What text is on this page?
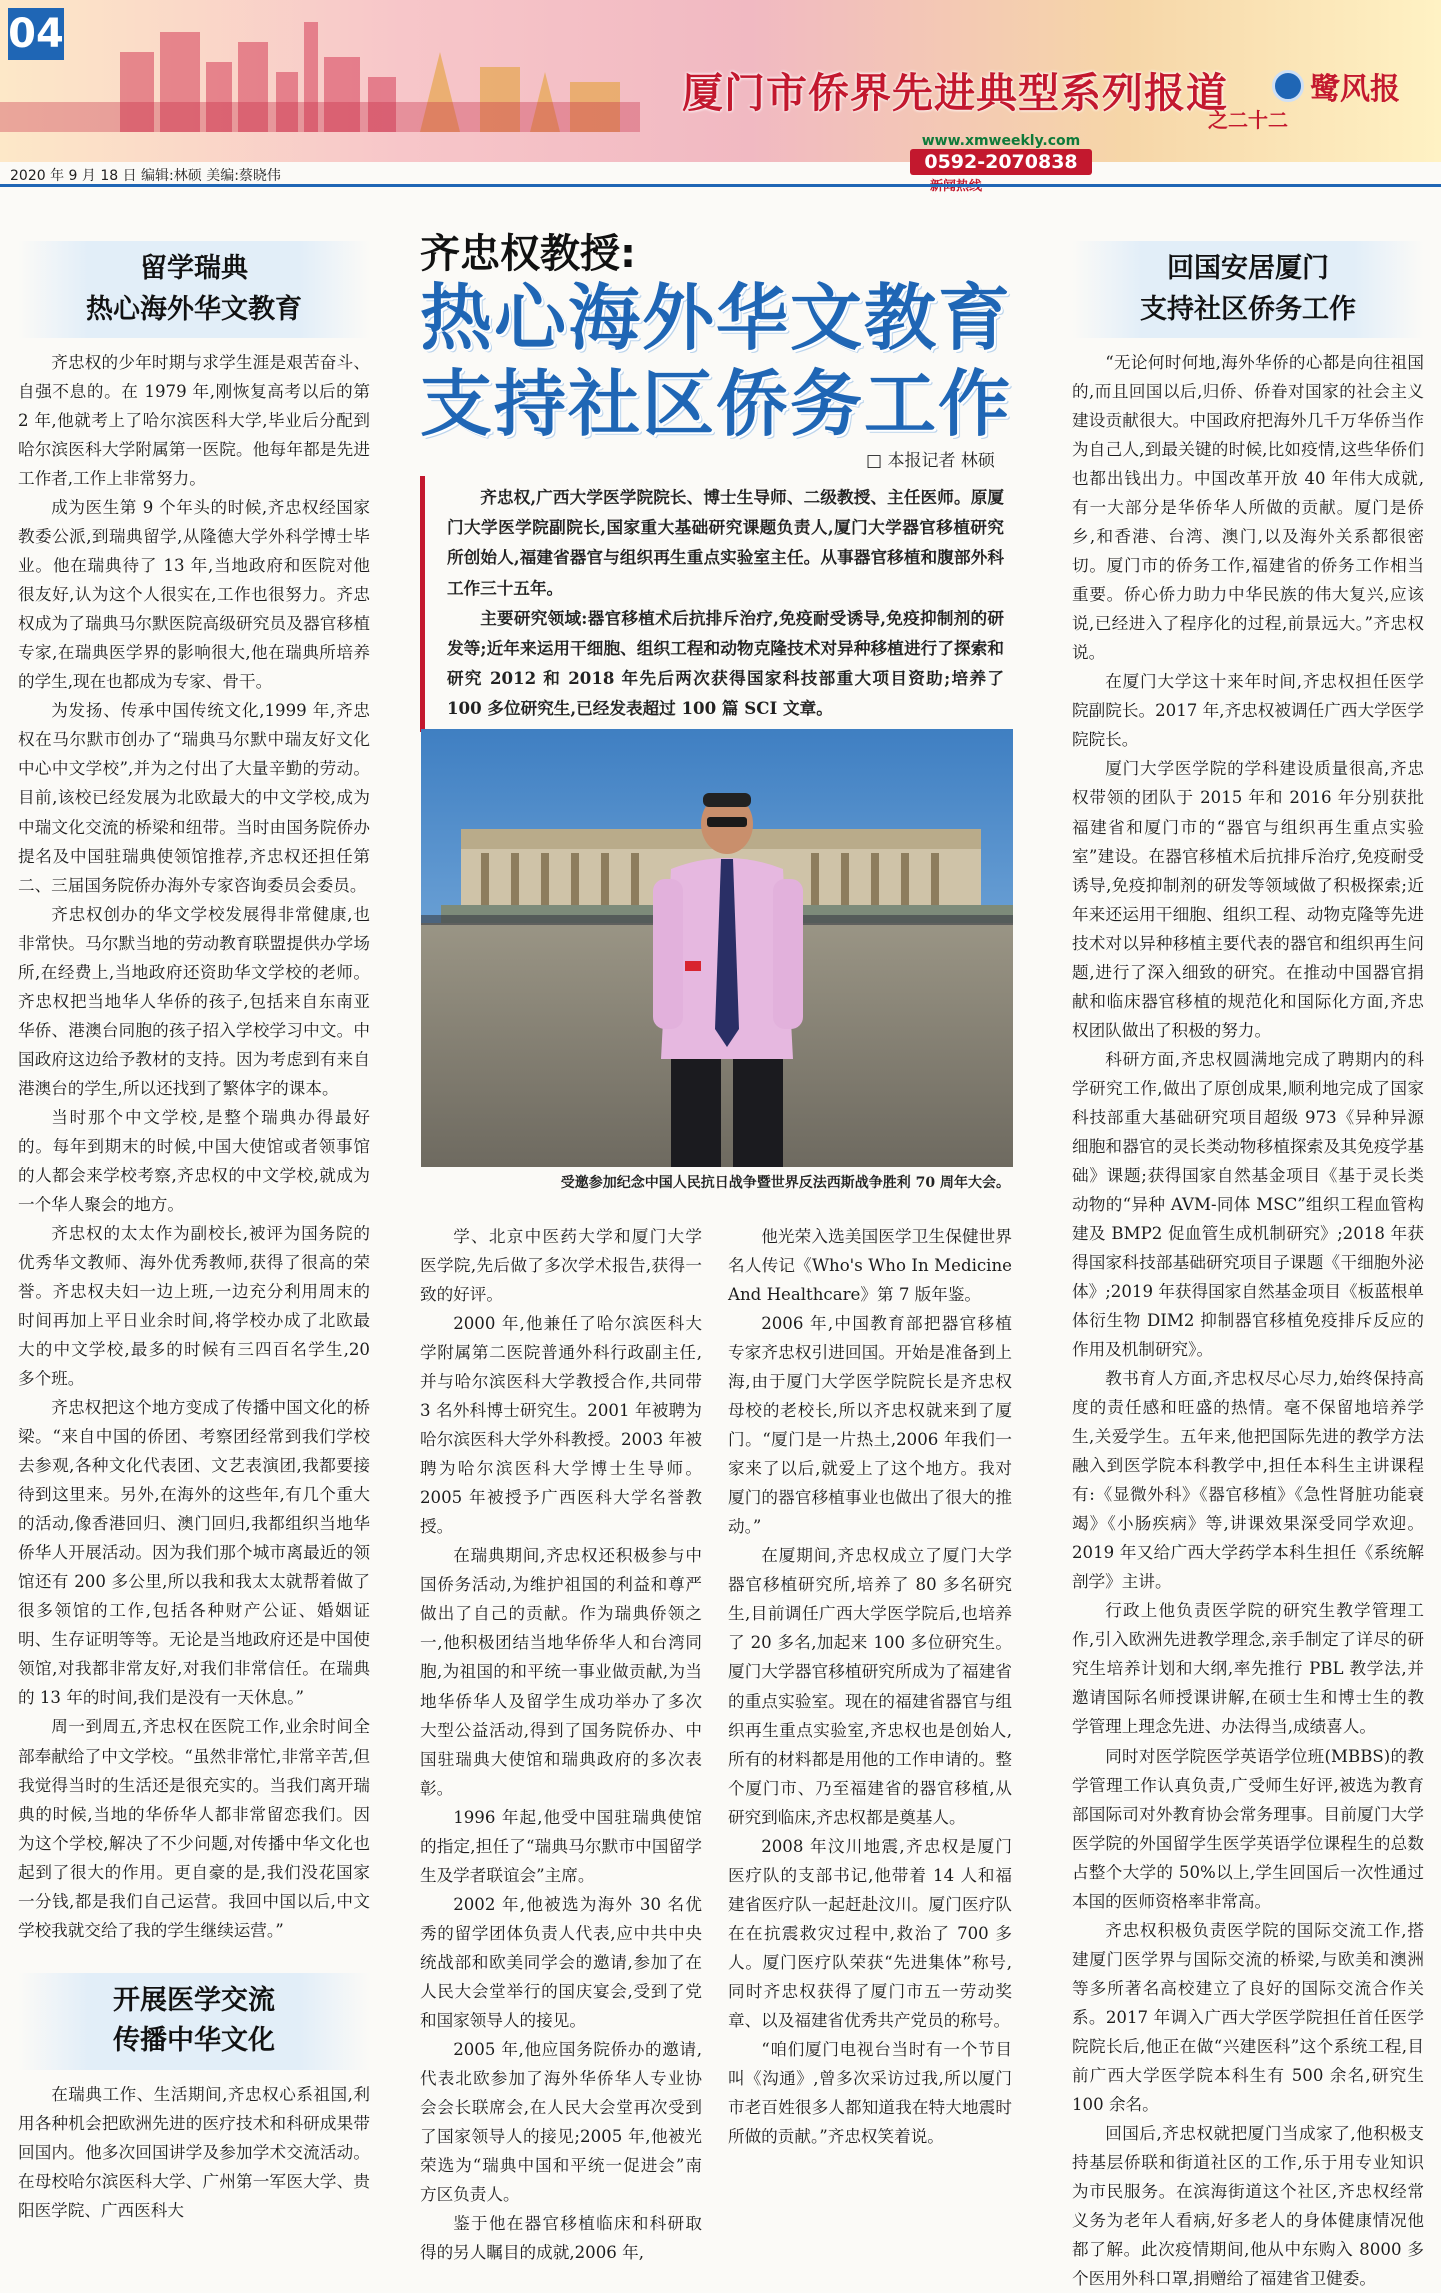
04
厦门市侨界先进典型系列报道
之二十二
鹭风报
www.xmweekly.com
0592-2070838
2020 年 9 月 18 日 编辑:林硕 美编:蔡晓伟
留学瑞典
热心海外华文教育

齐忠权的少年时期与求学生涯是艰苦奋斗、自强不息的。在 1979 年,刚恢复高考以后的第 2 年,他就考上了哈尔滨医科大学,毕业后分配到哈尔滨医科大学附属第一医院。他每年都是先进工作者,工作上非常努力。

成为医生第 9 个年头的时候,齐忠权经国家教委公派,到瑞典留学,从隆德大学外科学博士毕业。他在瑞典待了 13 年,当地政府和医院对他很友好,认为这个人很实在,工作也很努力。齐忠权成为了瑞典马尔默医院高级研究员及器官移植专家,在瑞典医学界的影响很大,他在瑞典所培养的学生,现在也都成为专家、骨干。

为发扬、传承中国传统文化,1999 年,齐忠权在马尔默市创办了“瑞典马尔默中瑞友好文化中心中文学校”,并为之付出了大量辛勤的劳动。目前,该校已经发展为北欧最大的中文学校,成为中瑞文化交流的桥梁和纽带。当时由国务院侨办提名及中国驻瑞典使领馆推荐,齐忠权还担任第二、三届国务院侨办海外专家咨询委员会委员。

齐忠权创办的华文学校发展得非常健康,也非常快。马尔默当地的劳动教育联盟提供办学场所,在经费上,当地政府还资助华文学校的老师。齐忠权把当地华人华侨的孩子,包括来自东南亚华侨、港澳台同胞的孩子招入学校学习中文。中国政府这边给予教材的支持。因为考虑到有来自港澳台的学生,所以还找到了繁体字的课本。

当时那个中文学校,是整个瑞典办得最好的。每年到期末的时候,中国大使馆或者领事馆的人都会来学校考察,齐忠权的中文学校,就成为一个华人聚会的地方。

齐忠权的太太作为副校长,被评为国务院的优秀华文教师、海外优秀教师,获得了很高的荣誉。齐忠权夫妇一边上班,一边充分利用周末的时间再加上平日业余时间,将学校办成了北欧最大的中文学校,最多的时候有三四百名学生,20 多个班。

齐忠权把这个地方变成了传播中国文化的桥梁。“来自中国的侨团、考察团经常到我们学校去参观,各种文化代表团、文艺表演团,我都要接待到这里来。另外,在海外的这些年,有几个重大的活动,像香港回归、澳门回归,我都组织当地华侨华人开展活动。因为我们那个城市离最近的领馆还有 200 多公里,所以我和我太太就帮着做了很多领馆的工作,包括各种财产公证、婚姻证明、生存证明等等。无论是当地政府还是中国使领馆,对我都非常友好,对我们非常信任。在瑞典的 13 年的时间,我们是没有一天休息。”

周一到周五,齐忠权在医院工作,业余时间全部奉献给了中文学校。“虽然非常忙,非常辛苦,但我觉得当时的生活还是很充实的。当我们离开瑞典的时候,当地的华侨华人都非常留恋我们。因为这个学校,解决了不少问题,对传播中华文化也起到了很大的作用。更自豪的是,我们没花国家一分钱,都是我们自己运营。我回中国以后,中文学校我就交给了我的学生继续运营。”

开展医学交流
传播中华文化

在瑞典工作、生活期间,齐忠权心系祖国,利用各种机会把欧洲先进的医疗技术和科研成果带回国内。他多次回国讲学及参加学术交流活动。在母校哈尔滨医科大学、广州第一军医大学、贵阳医学院、广西医科大

齐忠权教授:
热心海外华文教育
支持社区侨务工作
□ 本报记者 林硕

齐忠权,广西大学医学院院长、博士生导师、二级教授、主任医师。原厦门大学医学院副院长,国家重大基础研究课题负责人,厦门大学器官移植研究所创始人,福建省器官与组织再生重点实验室主任。从事器官移植和腹部外科工作三十五年。

主要研究领域:器官移植术后抗排斥治疗,免疫耐受诱导,免疫抑制剂的研发等;近年来运用干细胞、组织工程和动物克隆技术对异种移植进行了探索和研究 2012 和 2018 年先后两次获得国家科技部重大项目资助;培养了 100 多位研究生,已经发表超过 100 篇 SCI 文章。

受邀参加纪念中国人民抗日战争暨世界反法西斯战争胜利 70 周年大会。

学、北京中医药大学和厦门大学医学院,先后做了多次学术报告,获得一致的好评。

2000 年,他兼任了哈尔滨医科大学附属第二医院普通外科行政副主任,并与哈尔滨医科大学教授合作,共同带 3 名外科博士研究生。2001 年被聘为哈尔滨医科大学外科教授。2003 年被聘为哈尔滨医科大学博士生导师。2005 年被授予广西医科大学名誉教授。

在瑞典期间,齐忠权还积极参与中国侨务活动,为维护祖国的利益和尊严做出了自己的贡献。作为瑞典侨领之一,他积极团结当地华侨华人和台湾同胞,为祖国的和平统一事业做贡献,为当地华侨华人及留学生成功举办了多次大型公益活动,得到了国务院侨办、中国驻瑞典大使馆和瑞典政府的多次表彰。

1996 年起,他受中国驻瑞典使馆的指定,担任了“瑞典马尔默市中国留学生及学者联谊会”主席。

2002 年,他被选为海外 30 名优秀的留学团体负责人代表,应中共中央统战部和欧美同学会的邀请,参加了在人民大会堂举行的国庆宴会,受到了党和国家领导人的接见。

2005 年,他应国务院侨办的邀请,代表北欧参加了海外华侨华人专业协会会长联席会,在人民大会堂再次受到了国家领导人的接见;2005 年,他被光荣选为“瑞典中国和平统一促进会”南方区负责人。

鉴于他在器官移植临床和科研取得的另人瞩目的成就,2006 年,

他光荣入选美国医学卫生保健世界名人传记《Who's Who In Medicine And Healthcare》第 7 版年鉴。

2006 年,中国教育部把器官移植专家齐忠权引进回国。开始是准备到上海,由于厦门大学医学院院长是齐忠权母校的老校长,所以齐忠权就来到了厦门。“厦门是一片热土,2006 年我们一家来了以后,就爱上了这个地方。我对厦门的器官移植事业也做出了很大的推动。”

在厦期间,齐忠权成立了厦门大学器官移植研究所,培养了 80 多名研究生,目前调任广西大学医学院后,也培养了 20 多名,加起来 100 多位研究生。厦门大学器官移植研究所成为了福建省的重点实验室。现在的福建省器官与组织再生重点实验室,齐忠权也是创始人,所有的材料都是用他的工作申请的。整个厦门市、乃至福建省的器官移植,从研究到临床,齐忠权都是奠基人。

2008 年汶川地震,齐忠权是厦门医疗队的支部书记,他带着 14 人和福建省医疗队一起赶赴汶川。厦门医疗队在在抗震救灾过程中,救治了 700 多人。厦门医疗队荣获“先进集体”称号,同时齐忠权获得了厦门市五一劳动奖章、以及福建省优秀共产党员的称号。

“咱们厦门电视台当时有一个节目叫《沟通》,曾多次采访过我,所以厦门市老百姓很多人都知道我在特大地震时所做的贡献。”齐忠权笑着说。

回国安居厦门
支持社区侨务工作

“无论何时何地,海外华侨的心都是向往祖国的,而且回国以后,归侨、侨眷对国家的社会主义建设贡献很大。中国政府把海外几千万华侨当作为自己人,到最关键的时候,比如疫情,这些华侨们也都出钱出力。中国改革开放 40 年伟大成就,有一大部分是华侨华人所做的贡献。厦门是侨乡,和香港、台湾、澳门,以及海外关系都很密切。厦门市的侨务工作,福建省的侨务工作相当重要。侨心侨力助力中华民族的伟大复兴,应该说,已经进入了程序化的过程,前景远大。”齐忠权说。

在厦门大学这十来年时间,齐忠权担任医学院副院长。2017 年,齐忠权被调任广西大学医学院院长。

厦门大学医学院的学科建设质量很高,齐忠权带领的团队于 2015 年和 2016 年分别获批福建省和厦门市的“器官与组织再生重点实验室”建设。在器官移植术后抗排斥治疗,免疫耐受诱导,免疫抑制剂的研发等领域做了积极探索;近年来还运用干细胞、组织工程、动物克隆等先进技术对以异种移植主要代表的器官和组织再生问题,进行了深入细致的研究。在推动中国器官捐献和临床器官移植的规范化和国际化方面,齐忠权团队做出了积极的努力。

科研方面,齐忠权圆满地完成了聘期内的科学研究工作,做出了原创成果,顺利地完成了国家科技部重大基础研究项目超级 973《异种异源细胞和器官的灵长类动物移植探索及其免疫学基础》课题;获得国家自然基金项目《基于灵长类动物的“异种 AVM-同体 MSC”组织工程血管构建及 BMP2 促血管生成机制研究》;2018 年获得国家科技部基础研究项目子课题《干细胞外泌体》;2019 年获得国家自然基金项目《板蓝根单体衍生物 DIM2 抑制器官移植免疫排斥反应的作用及机制研究》。

教书育人方面,齐忠权尽心尽力,始终保持高度的责任感和旺盛的热情。毫不保留地培养学生,关爱学生。五年来,他把国际先进的教学方法融入到医学院本科教学中,担任本科生主讲课程有:《显微外科》《器官移植》《急性肾脏功能衰竭》《小肠疾病》等,讲课效果深受同学欢迎。2019 年又给广西大学药学本科生担任《系统解剖学》主讲。

行政上他负责医学院的研究生教学管理工作,引入欧洲先进教学理念,亲手制定了详尽的研究生培养计划和大纲,率先推行 PBL 教学法,并邀请国际名师授课讲解,在硕士生和博士生的教学管理上理念先进、办法得当,成绩喜人。

同时对医学院医学英语学位班(MBBS)的教学管理工作认真负责,广受师生好评,被选为教育部国际司对外教育协会常务理事。目前厦门大学医学院的外国留学生医学英语学位课程生的总数占整个大学的 50%以上,学生回国后一次性通过本国的医师资格率非常高。

齐忠权积极负责医学院的国际交流工作,搭建厦门医学界与国际交流的桥梁,与欧美和澳洲等多所著名高校建立了良好的国际交流合作关系。2017 年调入广西大学医学院担任首任医学院院长后,他正在做“兴建医科”这个系统工程,目前广西大学医学院本科生有 500 余名,研究生 100 余名。

回国后,齐忠权就把厦门当成家了,他积极支持基层侨联和街道社区的工作,乐于用专业知识为市民服务。在滨海街道这个社区,齐忠权经常义务为老年人看病,好多老人的身体健康情况他都了解。此次疫情期间,他从中东购入 8000 多个医用外科口罩,捐赠给了福建省卫健委。
